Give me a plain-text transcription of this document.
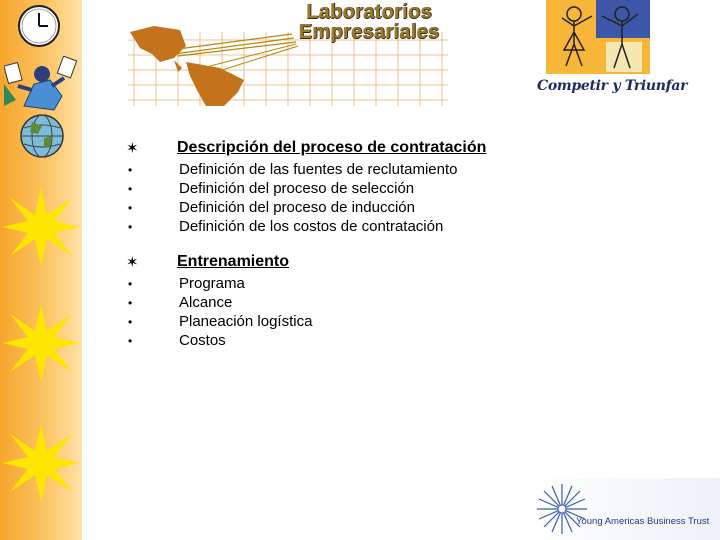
Laboratorios
Empresariales
Competir y Triunfar
✶	Descripción del proceso de contratación
•	Definición de las fuentes de reclutamiento
•	Definición del proceso de selección
•	Definición del proceso de inducción
•	Definición de los costos de contratación
✶	Entrenamiento
•	Programa
•	Alcance
•	Planeación logística
•	Costos
Young Americas Business Trust
